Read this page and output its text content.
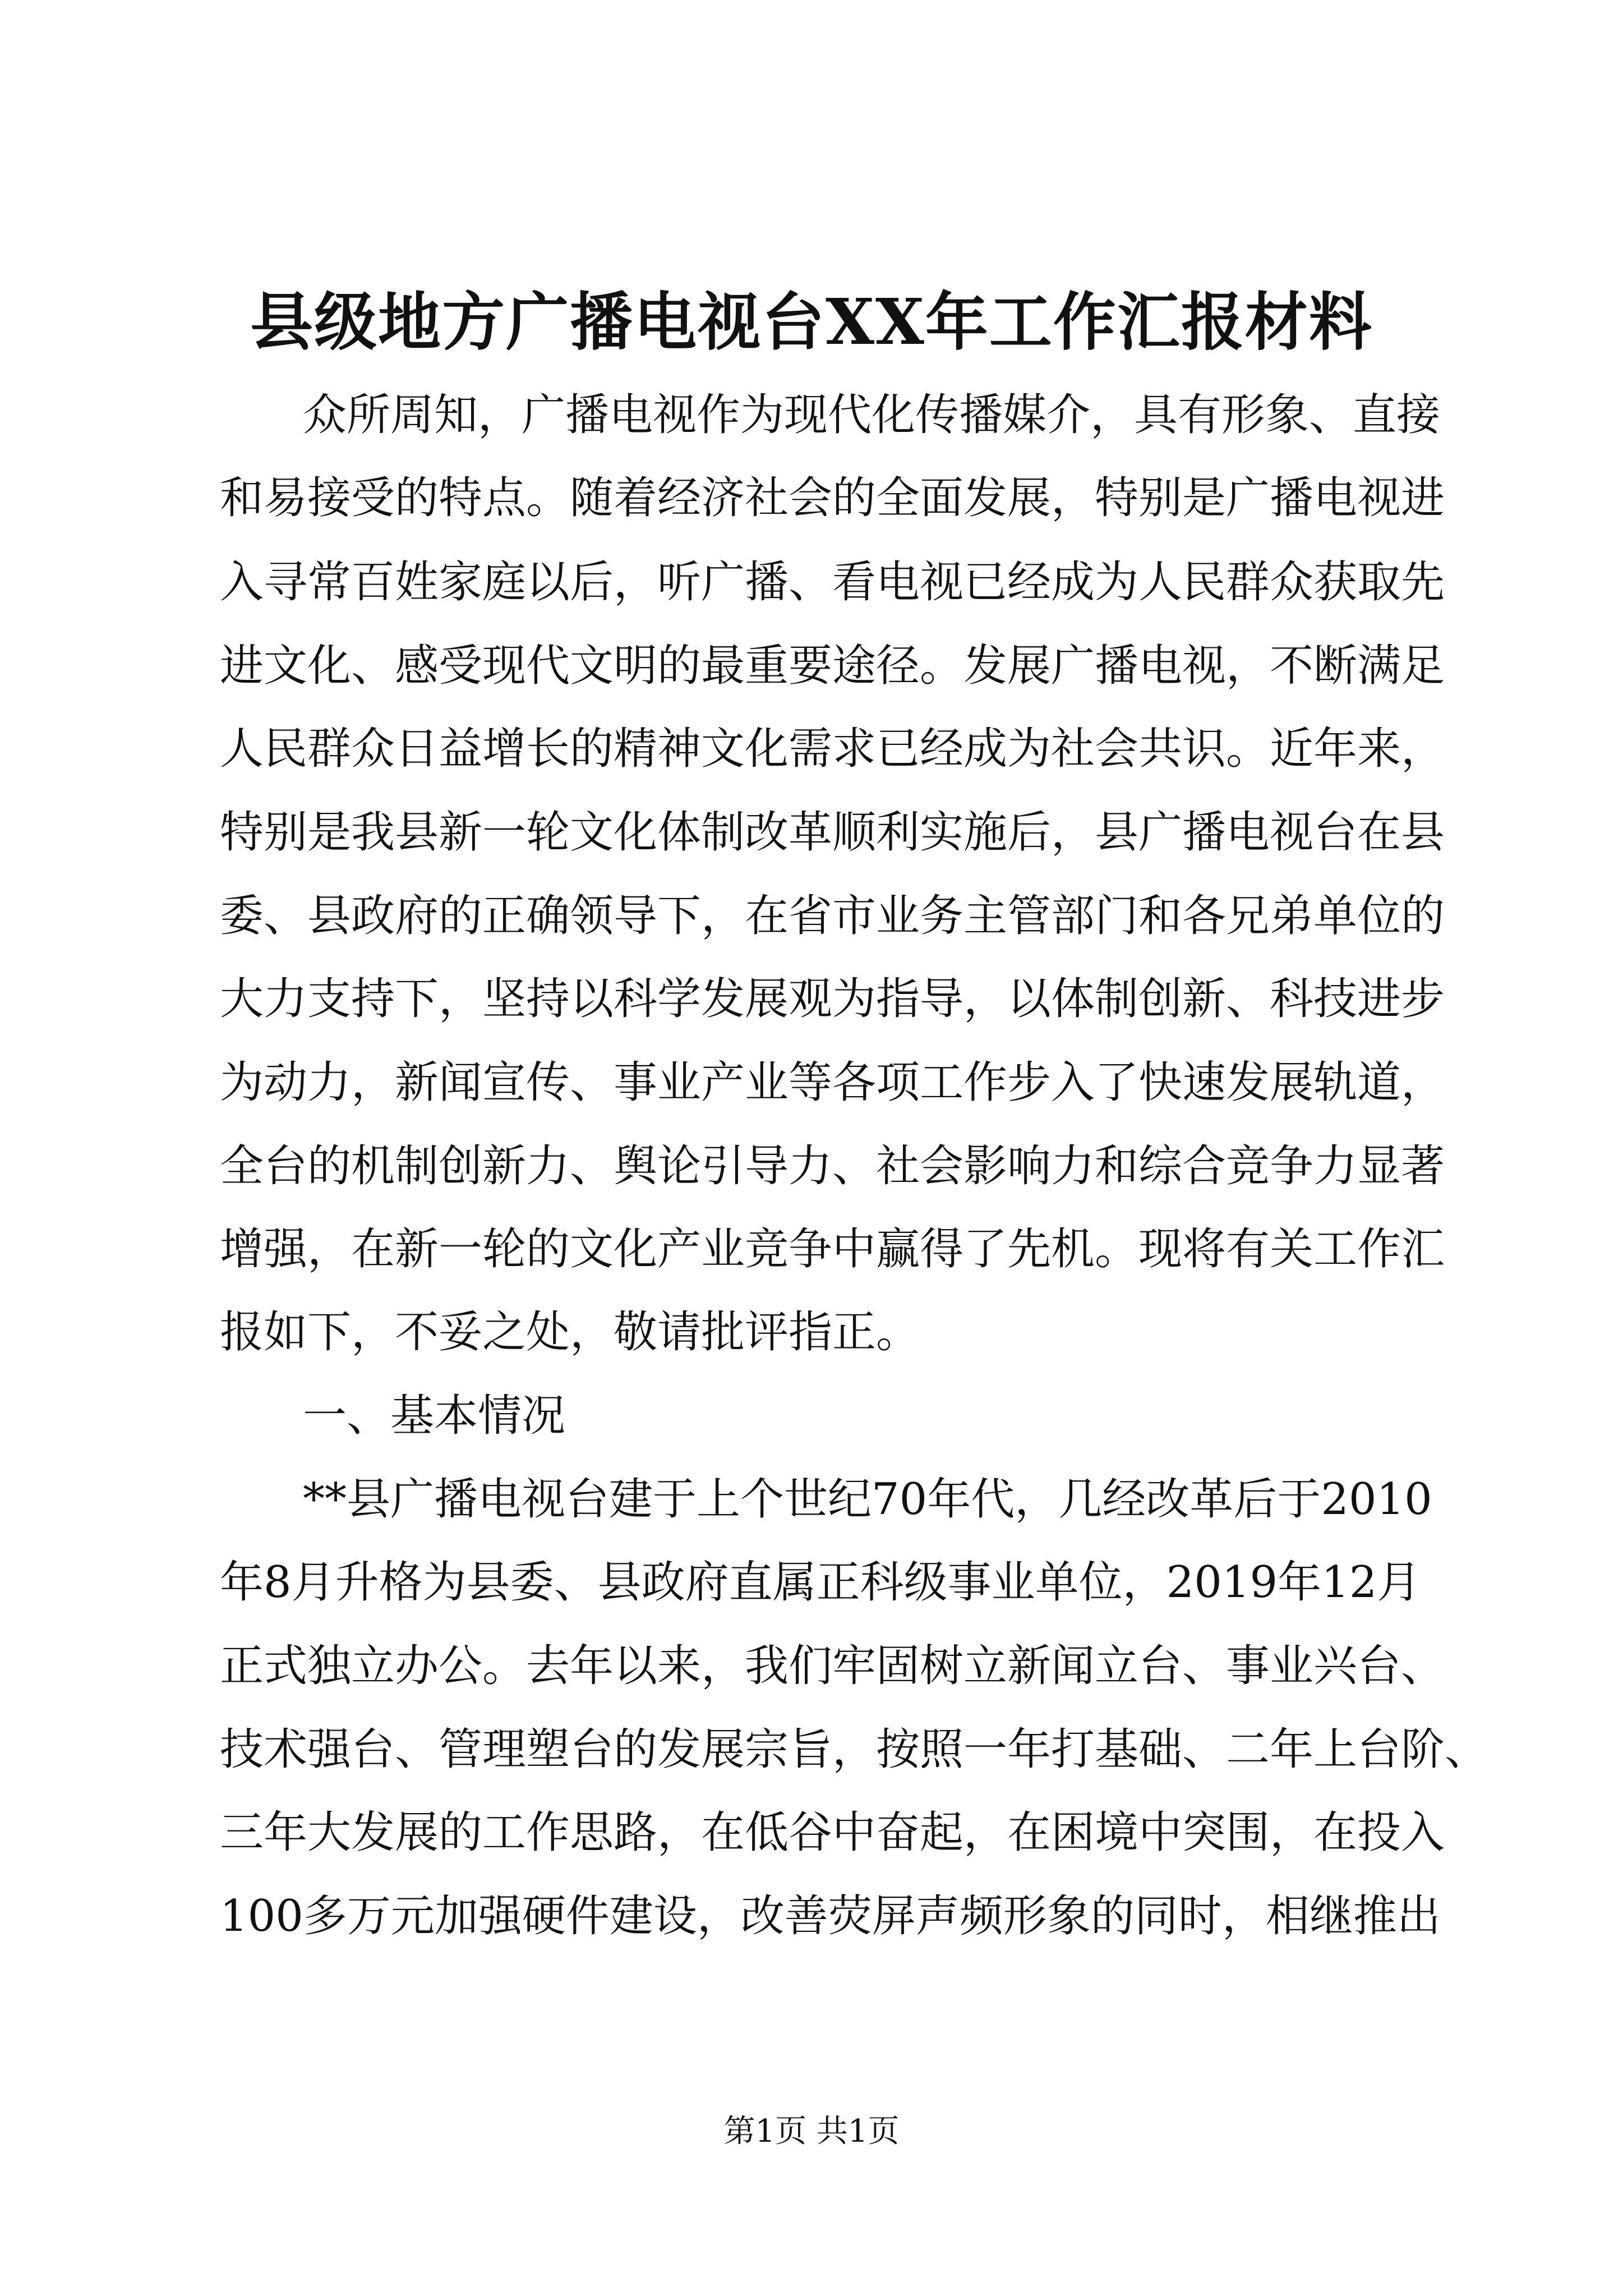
县级地方广播电视台XX年工作汇报材料

众所周知，广播电视作为现代化传播媒介，具有形象、直接

和易接受的特点。随着经济社会的全面发展，特别是广播电视进

入寻常百姓家庭以后，听广播、看电视已经成为人民群众获取先

进文化、感受现代文明的最重要途径。发展广播电视，不断满足

人民群众日益增长的精神文化需求已经成为社会共识。近年来，

特别是我县新一轮文化体制改革顺利实施后，县广播电视台在县

委、县政府的正确领导下，在省市业务主管部门和各兄弟单位的

大力支持下，坚持以科学发展观为指导，以体制创新、科技进步

为动力，新闻宣传、事业产业等各项工作步入了快速发展轨道，

全台的机制创新力、舆论引导力、社会影响力和综合竞争力显著

增强，在新一轮的文化产业竞争中赢得了先机。现将有关工作汇

报如下，不妥之处，敬请批评指正。

一、基本情况

**县广播电视台建于上个世纪70年代，几经改革后于2010

年8月升格为县委、县政府直属正科级事业单位，2019年12月

正式独立办公。去年以来，我们牢固树立新闻立台、事业兴台、

技术强台、管理塑台的发展宗旨，按照一年打基础、二年上台阶、

三年大发展的工作思路，在低谷中奋起，在困境中突围，在投入

100多万元加强硬件建设，改善荧屏声频形象的同时，相继推出

第1页 共1页
